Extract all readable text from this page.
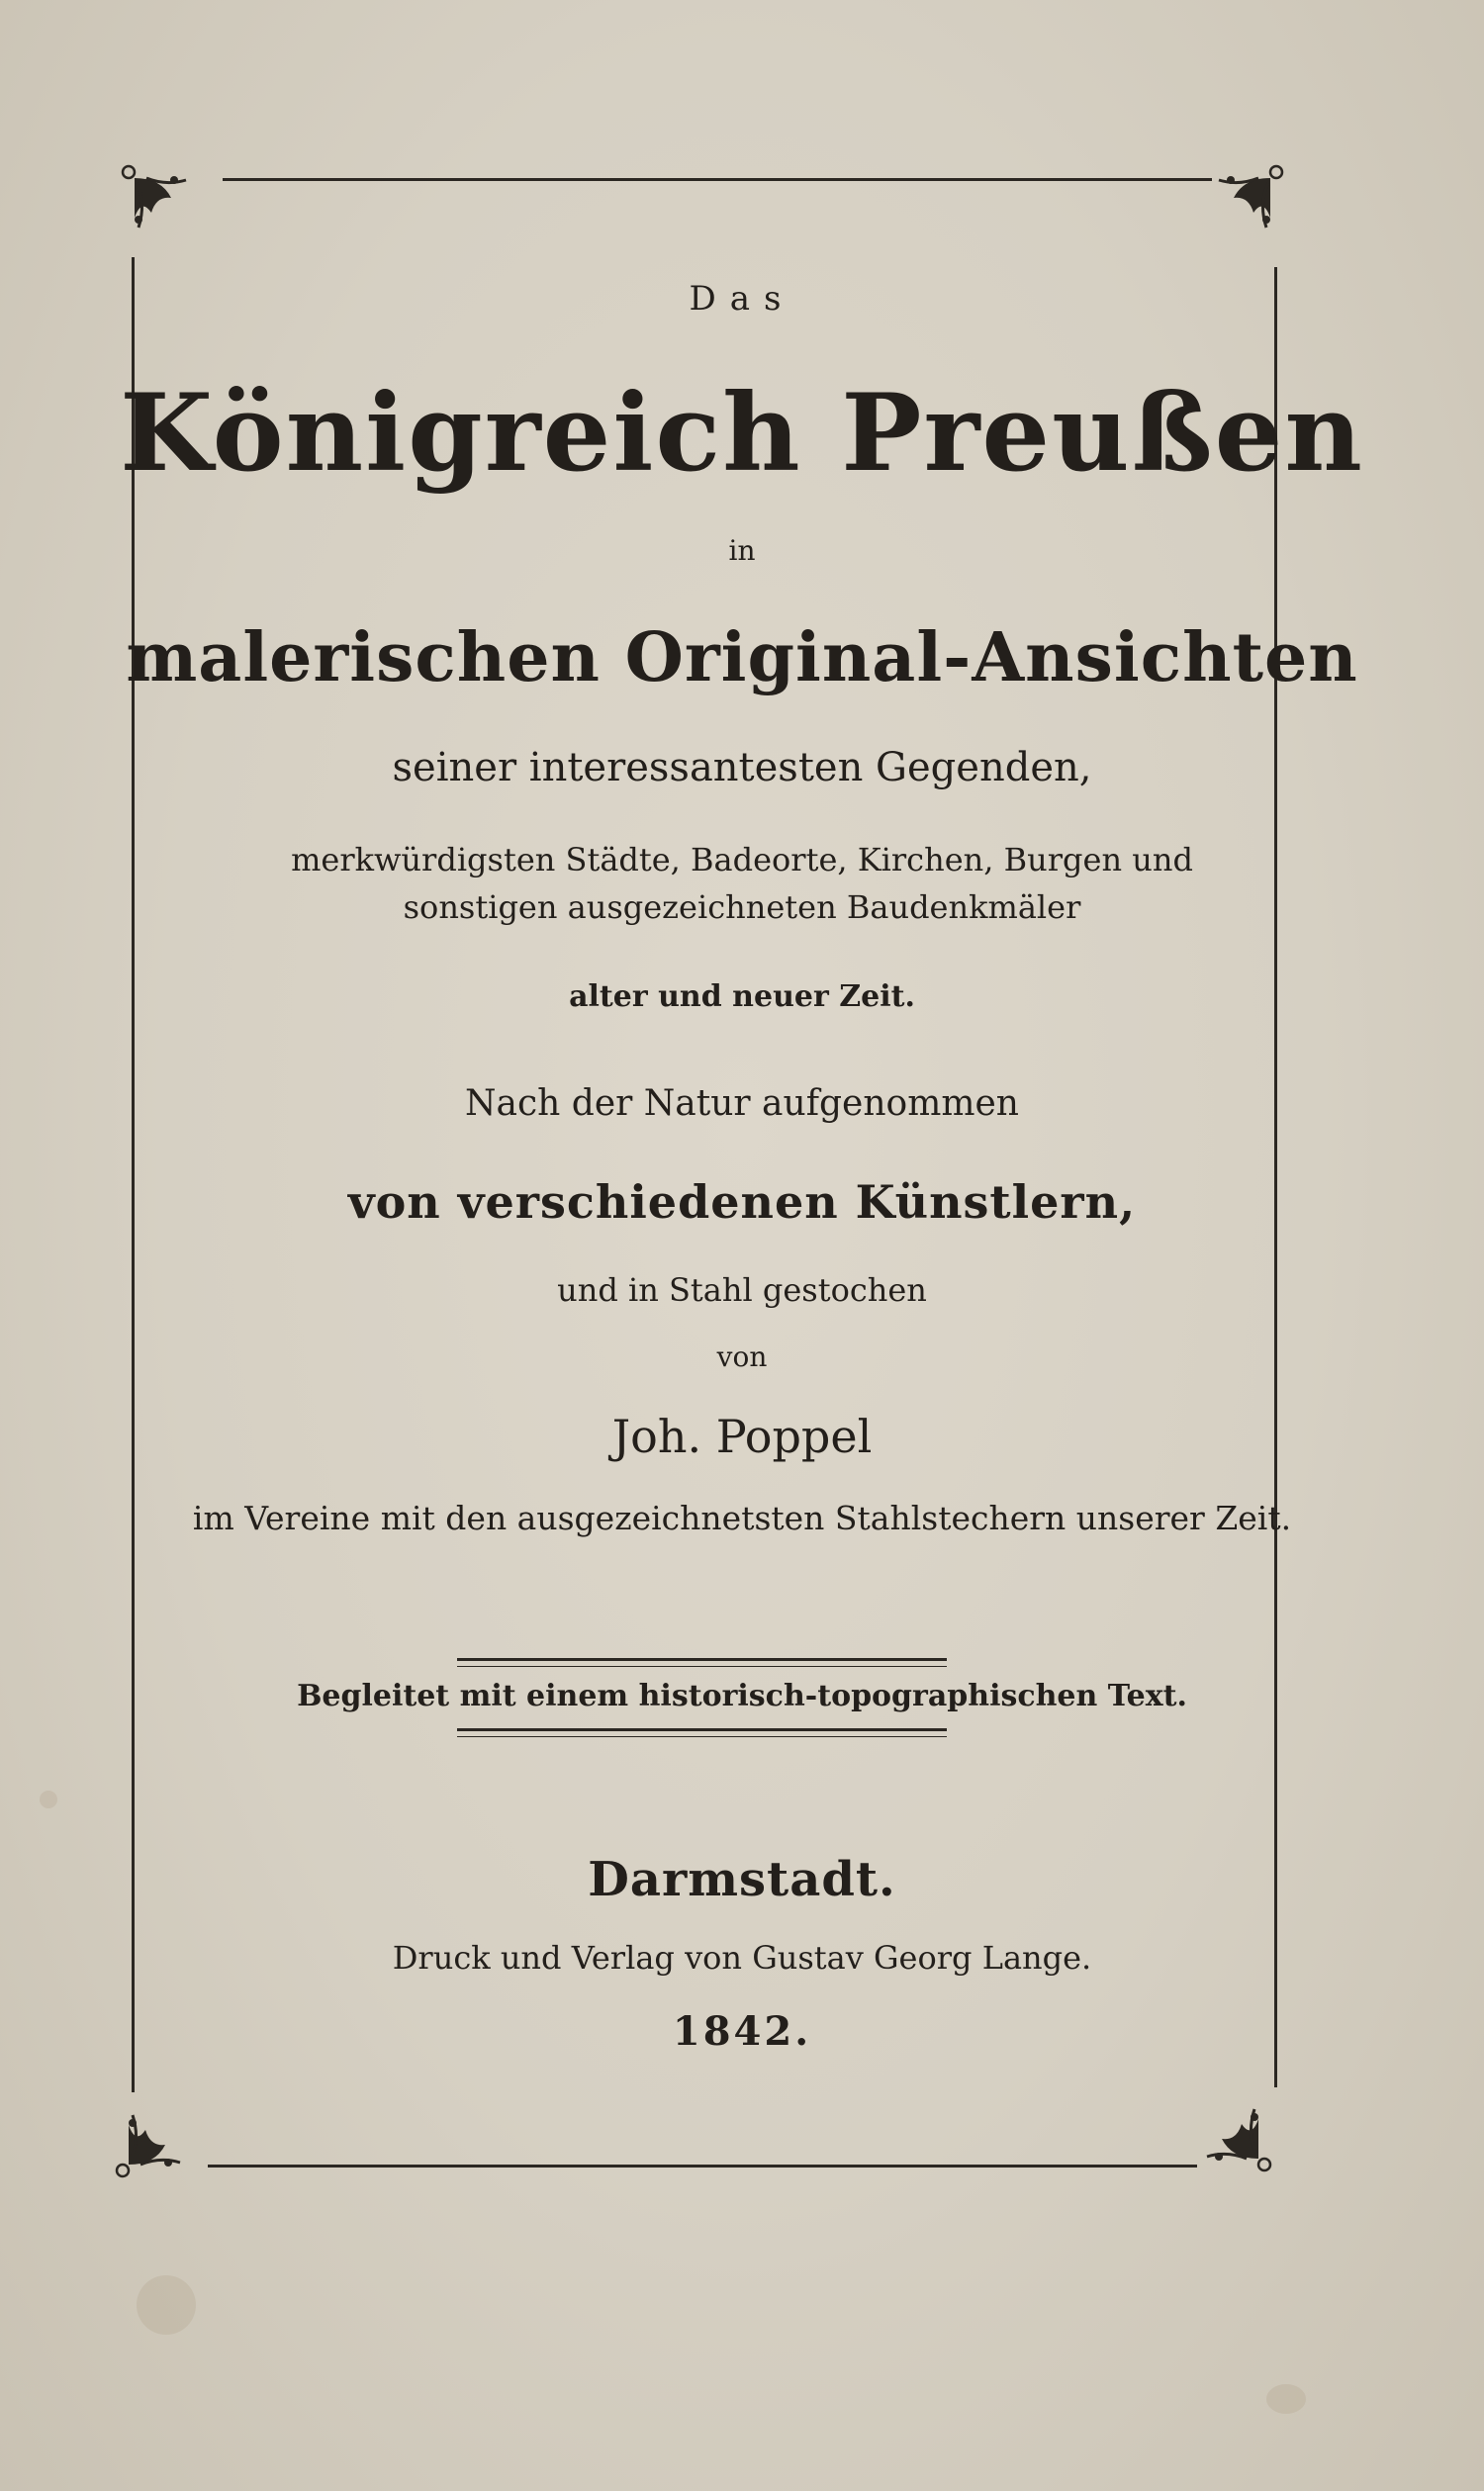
Das
Königreich Preußen
in
malerischen Original-Ansichten
seiner interessantesten Gegenden,
merkwürdigsten Städte, Badeorte, Kirchen, Burgen und
sonstigen ausgezeichneten Baudenkmäler
alter und neuer Zeit.
Nach der Natur aufgenommen
von verschiedenen Künstlern,
und in Stahl gestochen
von
Joh. Poppel
im Vereine mit den ausgezeichnetsten Stahlstechern unserer Zeit.
Begleitet mit einem historisch-topographischen Text.
Darmstadt.
Druck und Verlag von Gustav Georg Lange.
1842.
